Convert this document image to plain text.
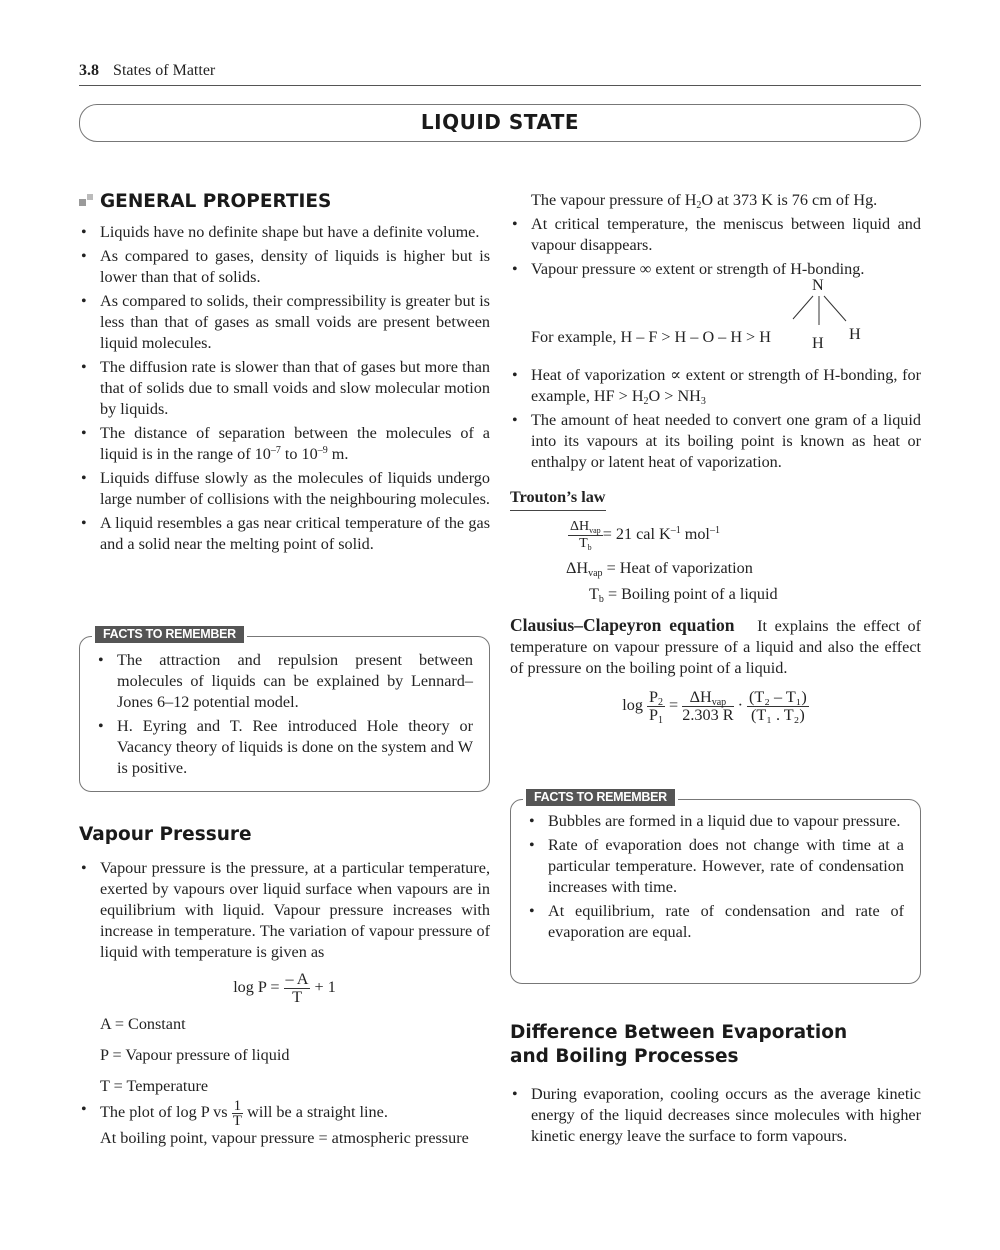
3.8 States of Matter
LIQUID STATE
GENERAL PROPERTIES
• Liquids have no definite shape but have a definite volume.
• As compared to gases, density of liquids is higher but is lower than that of solids.
• As compared to solids, their compressibility is greater but is less than that of gases as small voids are present between liquid molecules.
• The diffusion rate is slower than that of gases but more than that of solids due to small voids and slow molecular motion by liquids.
• The distance of separation between the molecules of a liquid is in the range of $10^{-7}$ to $10^{-9}$ m.
• Liquids diffuse slowly as the molecules of liquids undergo large number of collisions with the neighbouring molecules.
• A liquid resembles a gas near critical temperature of the gas and a solid near the melting point of solid.
FACTS TO REMEMBER
• The attraction and repulsion present between molecules of liquids can be explained by Lennard–Jones 6–12 potential model.
• H. Eyring and T. Ree introduced Hole theory or Vacancy theory of liquids is done on the system and W is positive.
Vapour Pressure
• Vapour pressure is the pressure, at a particular temperature, exerted by vapours over liquid surface when vapours are in equilibrium with liquid. Vapour pressure increases with increase in temperature. The variation of vapour pressure of liquid with temperature is given as
$\log P = \frac{- A}{T} + 1$
A = Constant
P = Vapour pressure of liquid
T = Temperature
• The plot of log P vs $\frac{1}{T}$ will be a straight line.
At boiling point, vapour pressure = atmospheric pressure
The vapour pressure of $H_2O$ at 373 K is 76 cm of Hg.
• At critical temperature, the meniscus between liquid and vapour disappears.
• Vapour pressure ∞ extent or strength of H-bonding.
For example, H – F > H – O – H > H
N
H H
• Heat of vaporization ∝ extent or strength of H-bonding, for example, HF > $H_2O > NH_3$
• The amount of heat needed to convert one gram of a liquid into its vapours at its boiling point is known as heat or enthalpy or latent heat of vaporization.
Trouton’s law
$\frac{\Delta H_{vap}}{T_b} = 21$ cal $K^{-1}$ mol$^{-1}$
$\Delta H_{vap}$ = Heat of vaporization
$T_b$ = Boiling point of a liquid
Clausius–Clapeyron equation It explains the effect of temperature on vapour pressure of a liquid and also the effect of pressure on the boiling point of a liquid.
$\log \frac{P_2}{P_1} = \frac{\Delta H_{vap}}{2.303 R} \cdot \frac{\text{(T₂ – T₁)}}{\text{(T₁ . T₂)}}$
FACTS TO REMEMBER
• Bubbles are formed in a liquid due to vapour pressure.
• Rate of evaporation does not change with time at a particular temperature. However, rate of condensation increases with time.
• At equilibrium, rate of condensation and rate of evaporation are equal.
Difference Between Evaporation
and Boiling Processes
• During evaporation, cooling occurs as the average kinetic energy of the liquid decreases since molecules with higher kinetic energy leave the surface to form vapours.
